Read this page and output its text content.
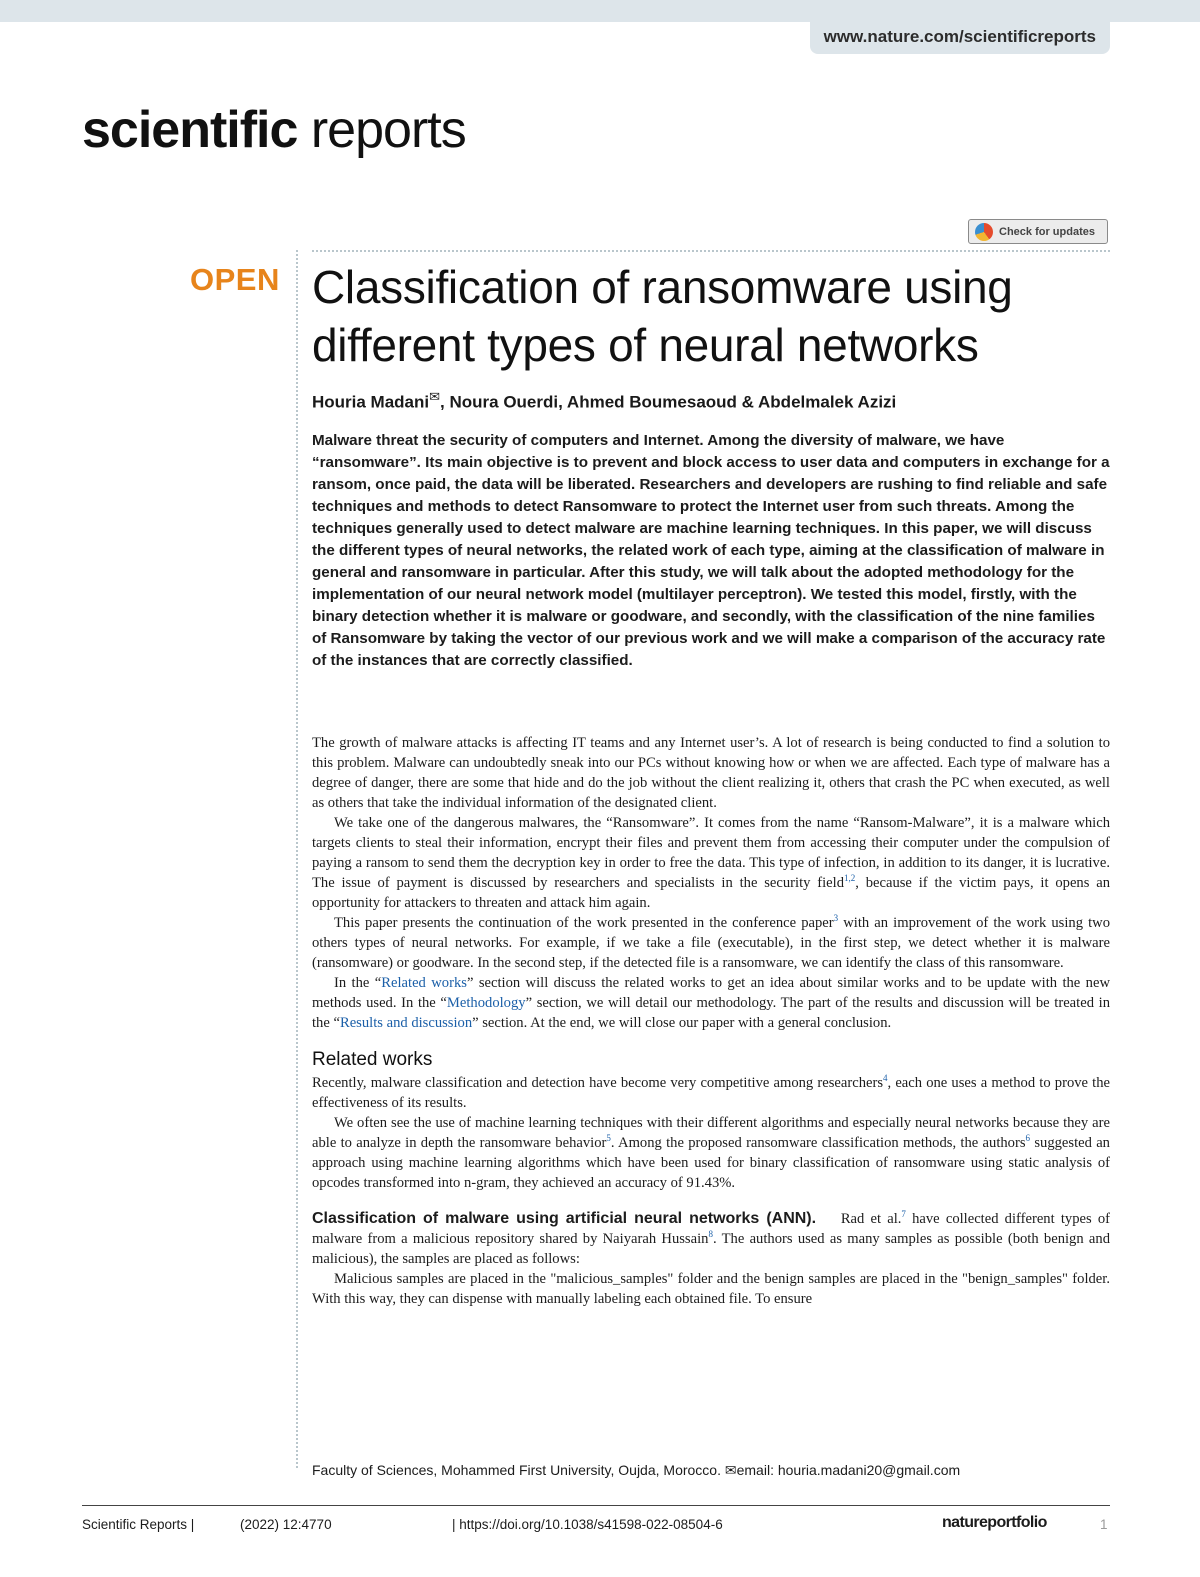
www.nature.com/scientificreports
scientific reports
Check for updates
OPEN Classification of ransomware using different types of neural networks
Houria Madani✉, Noura Ouerdi, Ahmed Boumesaoud & Abdelmalek Azizi

Malware threat the security of computers and Internet. Among the diversity of malware, we have “ransomware”. Its main objective is to prevent and block access to user data and computers in exchange for a ransom, once paid, the data will be liberated. Researchers and developers are rushing to find reliable and safe techniques and methods to detect Ransomware to protect the Internet user from such threats. Among the techniques generally used to detect malware are machine learning techniques. In this paper, we will discuss the different types of neural networks, the related work of each type, aiming at the classification of malware in general and ransomware in particular. After this study, we will talk about the adopted methodology for the implementation of our neural network model (multilayer perceptron). We tested this model, firstly, with the binary detection whether it is malware or goodware, and secondly, with the classification of the nine families of Ransomware by taking the vector of our previous work and we will make a comparison of the accuracy rate of the instances that are correctly classified.

The growth of malware attacks is affecting IT teams and any Internet user’s. A lot of research is being conducted to find a solution to this problem. Malware can undoubtedly sneak into our PCs without knowing how or when we are affected. Each type of malware has a degree of danger, there are some that hide and do the job without the client realizing it, others that crash the PC when executed, as well as others that take the individual information of the designated client.

We take one of the dangerous malwares, the “Ransomware”. It comes from the name “Ransom-Malware”, it is a malware which targets clients to steal their information, encrypt their files and prevent them from accessing their computer under the compulsion of paying a ransom to send them the decryption key in order to free the data. This type of infection, in addition to its danger, it is lucrative. The issue of payment is discussed by researchers and specialists in the security field$^{1,2}$, because if the victim pays, it opens an opportunity for attackers to threaten and attack him again.

This paper presents the continuation of the work presented in the conference paper$^3$ with an improvement of the work using two others types of neural networks. For example, if we take a file (executable), in the first step, we detect whether it is malware (ransomware) or goodware. In the second step, if the detected file is a ransomware, we can identify the class of this ransomware.

In the “Related works” section will discuss the related works to get an idea about similar works and to be update with the new methods used. In the “Methodology” section, we will detail our methodology. The part of the results and discussion will be treated in the “Results and discussion” section. At the end, we will close our paper with a general conclusion.

Related works

Recently, malware classification and detection have become very competitive among researchers$^4$, each one uses a method to prove the effectiveness of its results.

We often see the use of machine learning techniques with their different algorithms and especially neural networks because they are able to analyze in depth the ransomware behavior$^5$. Among the proposed ransomware classification methods, the authors$^6$ suggested an approach using machine learning algorithms which have been used for binary classification of ransomware using static analysis of opcodes transformed into n-gram, they achieved an accuracy of 91.43%.

Classification of malware using artificial neural networks (ANN). Rad et al.$^7$ have collected different types of malware from a malicious repository shared by Naiyarah Hussain$^8$. The authors used as many samples as possible (both benign and malicious), the samples are placed as follows:

Malicious samples are placed in the "malicious_samples" folder and the benign samples are placed in the "benign_samples" folder. With this way, they can dispense with manually labeling each obtained file. To ensure

Faculty of Sciences, Mohammed First University, Oujda, Morocco. ✉email: houria.madani20@gmail.com
Scientific Reports |	(2022) 12:4770	| https://doi.org/10.1038/s41598-022-08504-6	natureportfolio	1
